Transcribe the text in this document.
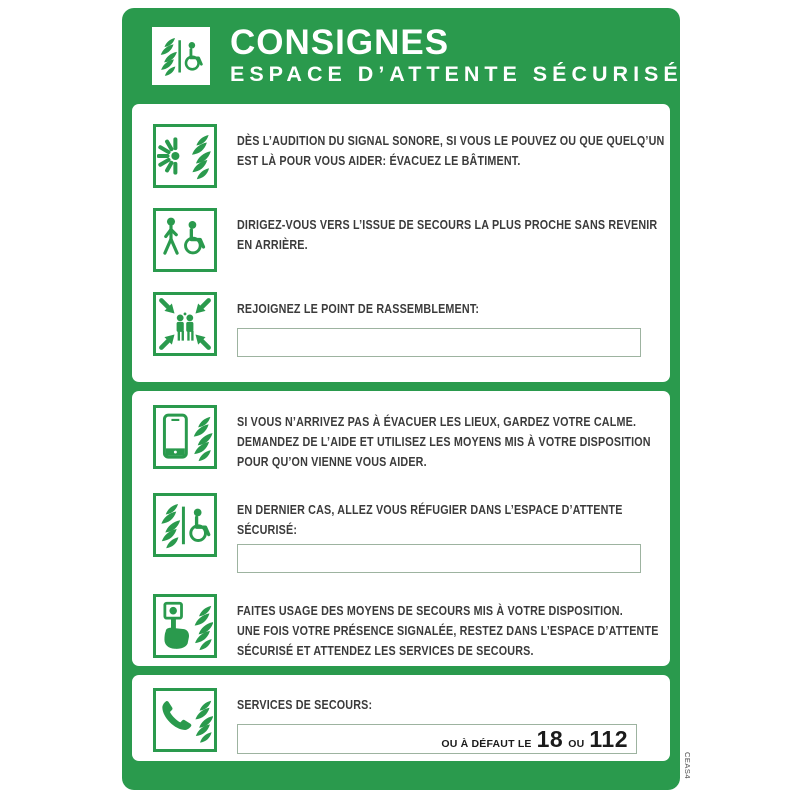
CONSIGNES
ESPACE D’ATTENTE SÉCURISÉ
DÈS L’AUDITION DU SIGNAL SONORE, SI VOUS LE POUVEZ OU QUE QUELQ’UN
EST LÀ POUR VOUS AIDER: ÉVACUEZ LE BÂTIMENT.
DIRIGEZ-VOUS VERS L’ISSUE DE SECOURS LA PLUS PROCHE SANS REVENIR
EN ARRIÈRE.
REJOIGNEZ LE POINT DE RASSEMBLEMENT:
SI VOUS N’ARRIVEZ PAS À ÉVACUER LES LIEUX, GARDEZ VOTRE CALME.
DEMANDEZ DE L’AIDE ET UTILISEZ LES MOYENS MIS À VOTRE DISPOSITION
POUR QU’ON VIENNE VOUS AIDER.
EN DERNIER CAS, ALLEZ VOUS RÉFUGIER DANS L’ESPACE D’ATTENTE
SÉCURISÉ:
FAITES USAGE DES MOYENS DE SECOURS MIS À VOTRE DISPOSITION.
UNE FOIS VOTRE PRÉSENCE SIGNALÉE, RESTEZ DANS L’ESPACE D’ATTENTE
SÉCURISÉ ET ATTENDEZ LES SERVICES DE SECOURS.
SERVICES DE SECOURS:
OU À DÉFAUT LE 18 OU 112
CEAS4
